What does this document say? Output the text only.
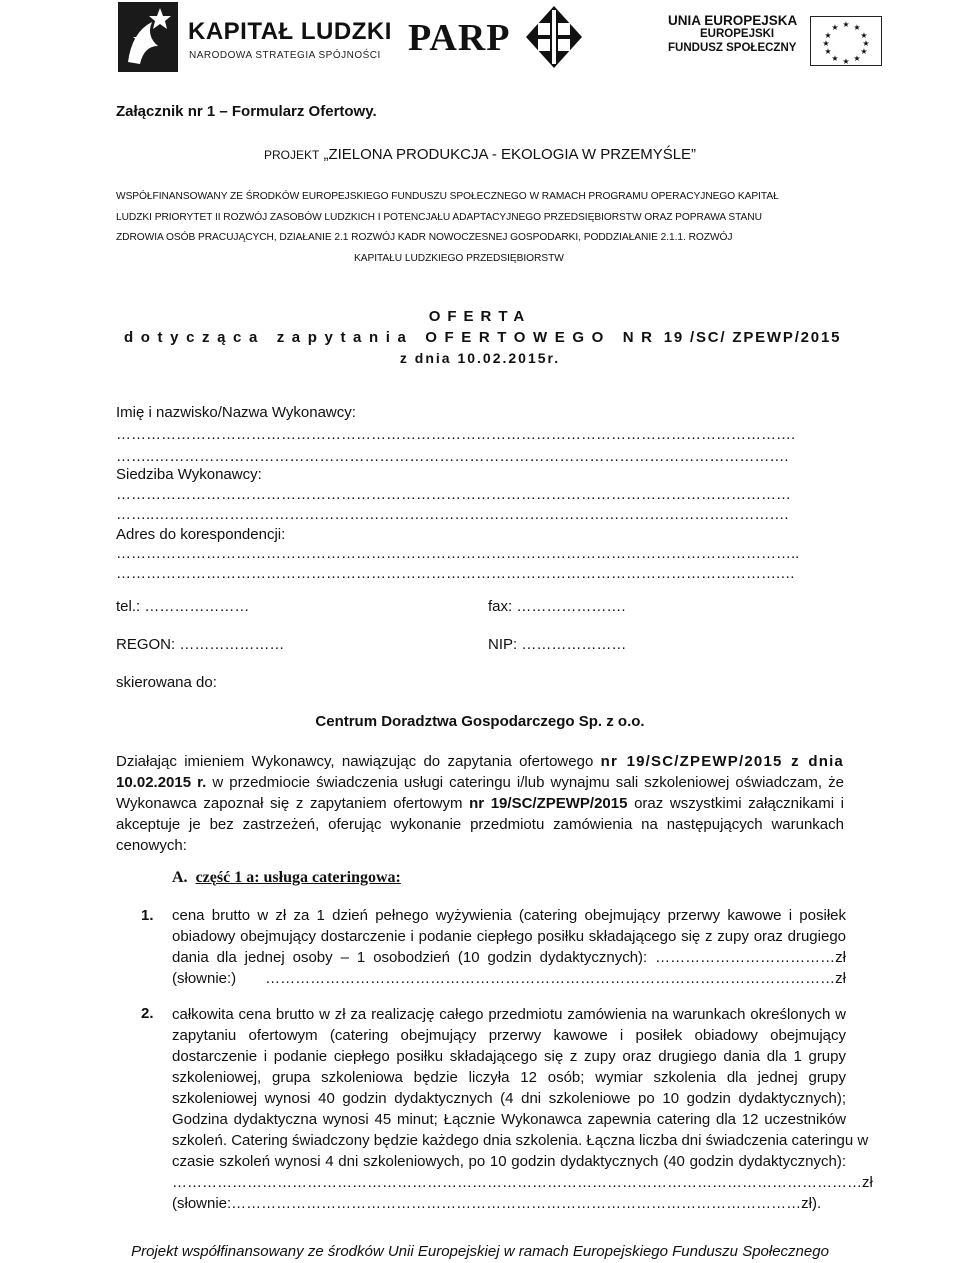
KAPITAŁ LUDZKI
NARODOWA STRATEGIA SPÓJNOŚCI PARP	UNIA EUROPEJSKA

EUROPEJSKI
FUNDUSZ SPOŁECZNY
★ ★
★
★
★
★
★
★
★
★
★
★
Załącznik nr 1 – Formularz Ofertowy.
PROJEKT „ZIELONA PRODUKCJA - EKOLOGIA W PRZEMYŚLE”
WSPÓŁFINANSOWANY ZE ŚRODKÓW EUROPEJSKIEGO FUNDUSZU SPOŁECZNEGO W RAMACH PROGRAMU OPERACYJNEGO KAPITAŁ
LUDZKI PRIORYTET II ROZWÓJ ZASOBÓW LUDZKICH I POTENCJAŁU ADAPTACYJNEGO PRZEDSIĘBIORSTW ORAZ POPRAWA STANU
ZDROWIA OSÓB PRACUJĄCYCH, DZIAŁANIE 2.1 ROZWÓJ KADR NOWOCZESNEJ GOSPODARKI, PODDZIAŁANIE 2.1.1. ROZWÓJ
KAPITAŁU LUDZKIEGO PRZEDSIĘBIORSTW
OFERTA
dotycząca zapytania OFERTOWEGO NR 19 /SC/ ZPEWP/2015
z dnia 10.02.2015r.
Imię i nazwisko/Nazwa Wykonawcy:
……………………………………………………………………………………………………………………….
……..……………………………………………………………………………………………………………….
Siedziba Wykonawcy:
………………………………………………………………………………………………………………………
……..……………………………………………………………………………………………………………….
Adres do korespondencji:
………………………………………………………………………………………………………………………..
…………………………………………………………………………………………………………………….…
tel.: …………………	fax: ………………….
REGON: …………………	NIP: …………………
skierowana do:
Centrum Doradztwa Gospodarczego Sp. z o.o.
Działając imieniem Wykonawcy, nawiązując do zapytania ofertowego nr 19/SC/ZPEWP/2015 z dnia
10.02.2015 r. w przedmiocie świadczenia usługi cateringu i/lub wynajmu sali szkoleniowej oświadczam, że
Wykonawca zapoznał się z zapytaniem ofertowym nr 19/SC/ZPEWP/2015 oraz wszystkimi załącznikami i
akceptuje je bez zastrzeżeń, oferując wykonanie przedmiotu zamówienia na następujących warunkach
cenowych:
A. część 1 a: usługa cateringowa:
1. cena brutto w zł za 1 dzień pełnego wyżywienia (catering obejmujący przerwy kawowe i posiłek
obiadowy obejmujący dostarczenie i podanie ciepłego posiłku składającego się z zupy oraz drugiego
dania dla jednej osoby – 1 osobodzień (10 godzin dydaktycznych): ………………………………zł
(słownie:) ……………………………………………………………………………………………………zł
2. całkowita cena brutto w zł za realizację całego przedmiotu zamówienia na warunkach określonych w
zapytaniu ofertowym (catering obejmujący przerwy kawowe i posiłek obiadowy obejmujący
dostarczenie i podanie ciepłego posiłku składającego się z zupy oraz drugiego dania dla 1 grupy
szkoleniowej, grupa szkoleniowa będzie liczyła 12 osób; wymiar szkolenia dla jednej grupy
szkoleniowej wynosi 40 godzin dydaktycznych (4 dni szkoleniowe po 10 godzin dydaktycznych);
Godzina dydaktyczna wynosi 45 minut; Łącznie Wykonawca zapewnia catering dla 12 uczestników
szkoleń. Catering świadczony będzie każdego dnia szkolenia. Łączna liczba dni świadczenia cateringu w
czasie szkoleń wynosi 4 dni szkoleniowych, po 10 godzin dydaktycznych (40 godzin dydaktycznych):
…………………………………………………………………………………………………………………………zł
(słownie:……………………………………………………………………………………………………zł).
Projekt współfinansowany ze środków Unii Europejskiej w ramach Europejskiego Funduszu Społecznego
